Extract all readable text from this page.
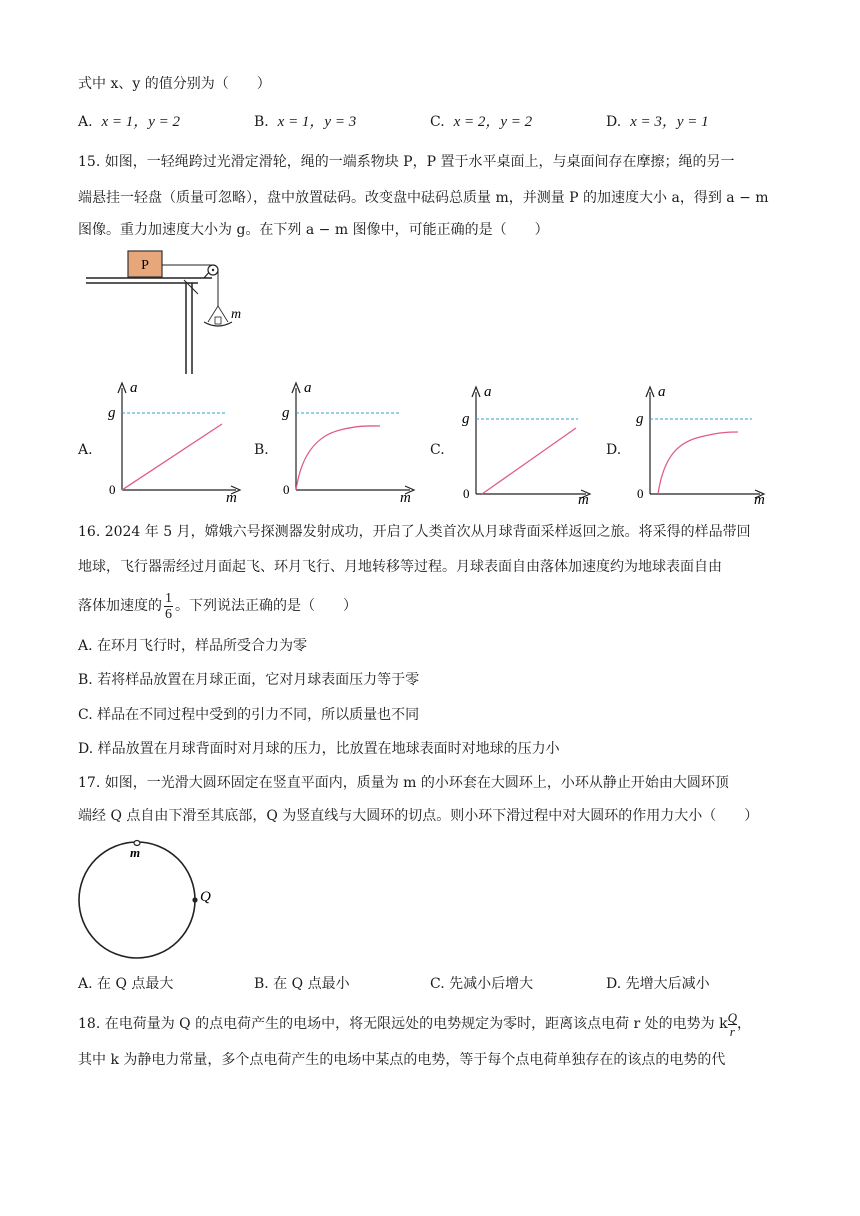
式中 x、y 的值分别为（　　）
A. x = 1，y = 2	B. x = 1，y = 3	C. x = 2，y = 2	D. x = 3，y = 1
15. 如图，一轻绳跨过光滑定滑轮，绳的一端系物块 P，P 置于水平桌面上，与桌面间存在摩擦；绳的另一
端悬挂一轻盘（质量可忽略），盘中放置砝码。改变盘中砝码总质量 m，并测量 P 的加速度大小 a，得到 a − m
图像。重力加速度大小为 g。在下列 a − m 图像中，可能正确的是（　　）
P
m
A.
a
g
0
m
B.
a
g
0
m
C.
a
g
0	m
D.
a
g
0	m
16. 2024 年 5 月，嫦娥六号探测器发射成功，开启了人类首次从月球背面采样返回之旅。将采得的样品带回
地球，飞行器需经过月面起飞、环月飞行、月地转移等过程。月球表面自由落体加速度约为地球表面自由
落体加速度的 $\frac{1}{6}$ 。下列说法正确的是（　　）
A. 在环月飞行时，样品所受合力为零
B. 若将样品放置在月球正面，它对月球表面压力等于零
C. 样品在不同过程中受到的引力不同，所以质量也不同
D. 样品放置在月球背面时对月球的压力，比放置在地球表面时对地球的压力小
17. 如图，一光滑大圆环固定在竖直平面内，质量为 m 的小环套在大圆环上，小环从静止开始由大圆环顶
端经 Q 点自由下滑至其底部，Q 为竖直线与大圆环的切点。则小环下滑过程中对大圆环的作用力大小（　　）
m
Q
A. 在 Q 点最大	B. 在 Q 点最小	C. 先减小后增大	D. 先增大后减小
18. 在电荷量为 Q 的点电荷产生的电场中，将无限远处的电势规定为零时，距离该点电荷 r 处的电势为 k $\frac{Q}{r}$ ，
其中 k 为静电力常量，多个点电荷产生的电场中某点的电势，等于每个点电荷单独存在的该点的电势的代
